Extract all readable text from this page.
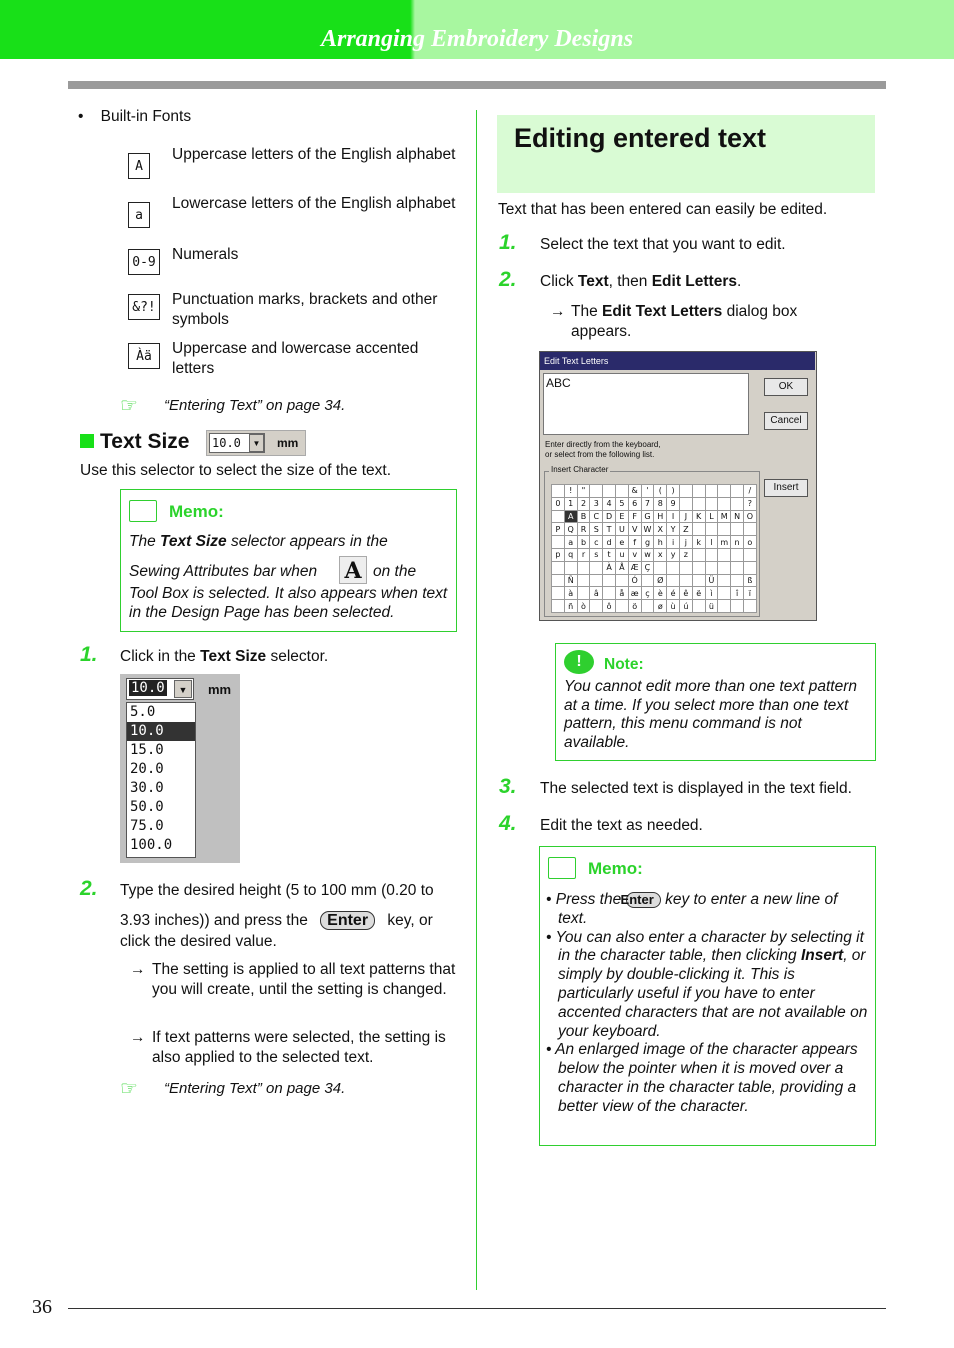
Arranging Embroidery Designs
•    Built-in Fonts
A
Uppercase letters of the English alphabet
a
Lowercase letters of the English alphabet
0-9 Numerals
&?! Punctuation marks, brackets and other symbols
Àä	Uppercase and lowercase accented letters
☞ “Entering Text” on page 34.
Text Size 10.0	▼ mm
Use this selector to select the size of the text.
Memo:
The Text Size selector appears in the
Sewing Attributes bar when A on the
Tool Box is selected. It also appears when text in the Design Page has been selected.
1. Click in the Text Size selector.
10.0	▼	mm
5.0
10.0
15.0
20.0
30.0
50.0
75.0
100.0
2. Type the desired height (5 to 100 mm (0.20 to
3.93 inches)) and press the Enter key, or
click the desired value.
→ The setting is applied to all text patterns that you will create, until the setting is changed.
→ If text patterns were selected, the setting is also applied to the selected text.
☞ “Entering Text” on page 34.
Editing entered text
Text that has been entered can easily be edited.
1. Select the text that you want to edit.
2. Click Text, then Edit Letters.
→ The Edit Text Letters dialog box appears.
Edit Text Letters
ABC	OK
Cancel
Enter directly from the keyboard,
or select from the following list.
Insert Character
	!	"				&	'	(	)						/
0	1	2	3	4	5	6	7	8	9						?
	A	B	C	D	E	F	G	H	I	J	K	L	M	N	O
P	Q	R	S	T	U	V	W	X	Y	Z					
	a	b	c	d	e	f	g	h	i	j	k	l	m	n	o
p	q	r	s	t	u	v	w	x	y	z					
				À	Å	Æ	Ç								
	Ñ					Ó		Ø				Ü			ß
	à		â		å	æ	ç	è	é	ê	ë	ì		î	ï
	ñ	ò		ô		ö		ø	ù	ú		ü			
Insert
!	Note:
You cannot edit more than one text pattern at a time. If you select more than one text pattern, this menu command is not available.
3. The selected text is displayed in the text field.
4. Edit the text as needed.
Memo:
• Press the Enter key to enter a new line of text.
• You can also enter a character by selecting it in the character table, then clicking Insert, or simply by double-clicking it. This is particularly useful if you have to enter accented characters that are not available on your keyboard.
• An enlarged image of the character appears below the pointer when it is moved over a character in the character table, providing a better view of the character.
36
